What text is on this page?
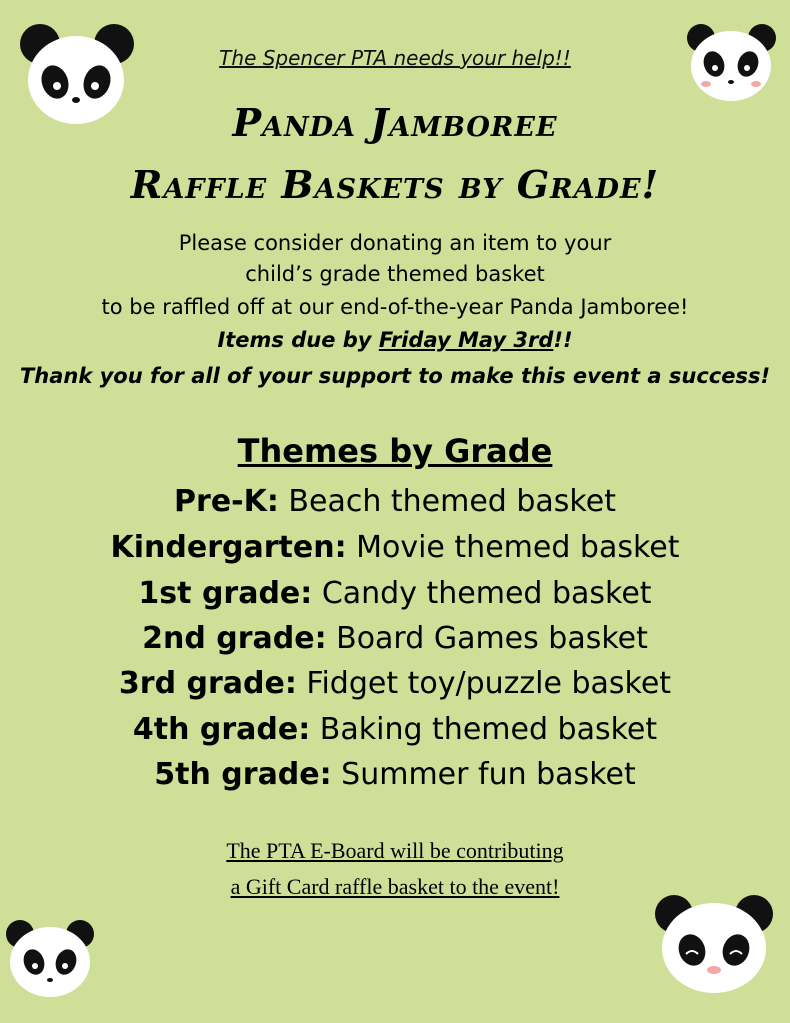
The Spencer PTA needs your help!!
Panda Jamboree
Raffle Baskets by Grade!
Please consider donating an item to your
child’s grade themed basket
to be raffled off at our end-of-the-year Panda Jamboree!
Items due by Friday May 3rd!!
Thank you for all of your support to make this event a success!
Themes by Grade
Pre-K: Beach themed basket
Kindergarten: Movie themed basket
1st grade: Candy themed basket
2nd grade: Board Games basket
3rd grade: Fidget toy/puzzle basket
4th grade: Baking themed basket
5th grade: Summer fun basket
The PTA E-Board will be contributing
a Gift Card raffle basket to the event!
